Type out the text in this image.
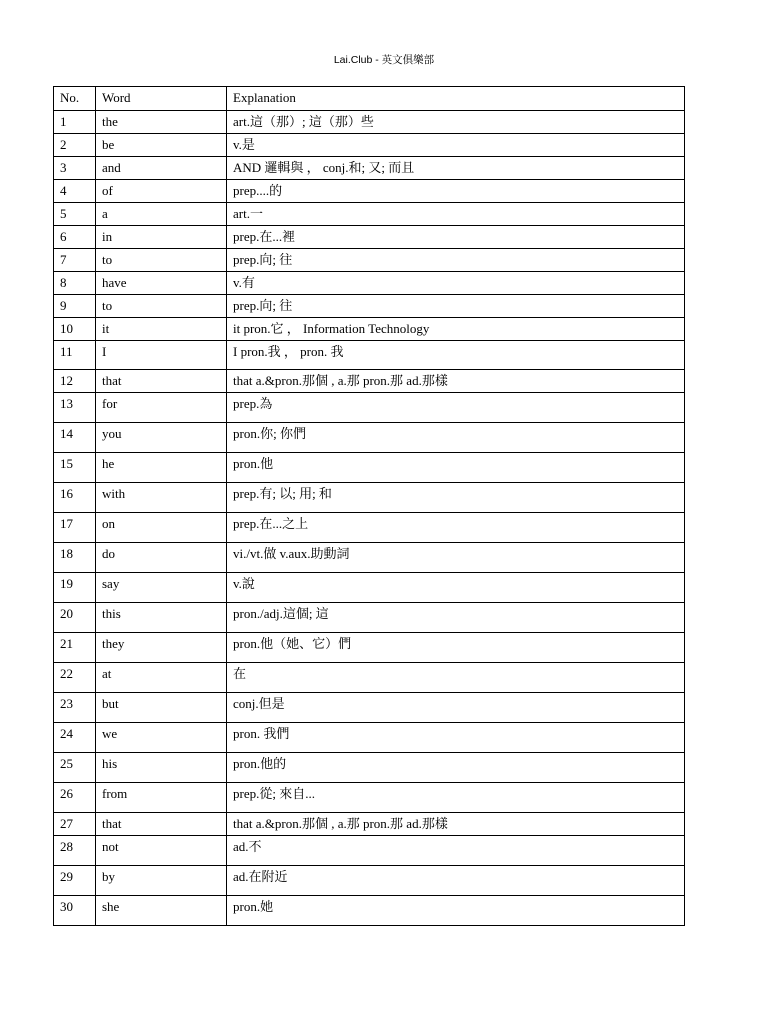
Lai.Club - 英文俱樂部
No.	Word	Explanation
1	the	art.這（那）; 這（那）些
2	be	v.是
3	and	AND 邏輯與 ， conj.和; 又; 而且
4	of	prep....的
5	a	art.一
6	in	prep.在...裡
7	to	prep.向; 往
8	have	v.有
9	to	prep.向; 往
10	it	it pron.它 ， Information Technology
11	I	I pron.我 ， pron. 我
12	that	that a.&pron.那個 , a.那 pron.那 ad.那樣
13	for	prep.為
14	you	pron.你; 你們
15	he	pron.他
16	with	prep.有; 以; 用; 和
17	on	prep.在...之上
18	do	vi./vt.做 v.aux.助動詞
19	say	v.說
20	this	pron./adj.這個; 這
21	they	pron.他（她、它）們
22	at	在
23	but	conj.但是
24	we	pron. 我們
25	his	pron.他的
26	from	prep.從; 來自...
27	that	that a.&pron.那個 , a.那 pron.那 ad.那樣
28	not	ad.不
29	by	ad.在附近
30	she	pron.她
